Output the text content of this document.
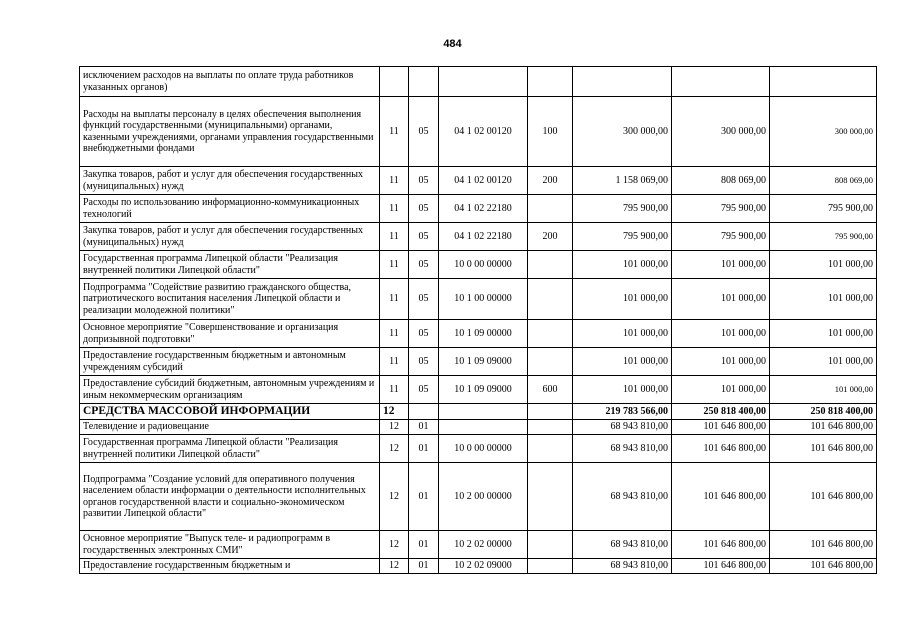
484
исключением расходов на выплаты по оплате труда работников указанных органов)							
Расходы на выплаты персоналу в целях обеспечения выполнения функций государственными (муниципальными) органами, казенными учреждениями, органами управления государственными внебюджетными фондами	11	05	04 1 02 00120	100	300 000,00	300 000,00	300 000,00
Закупка товаров, работ и услуг для обеспечения государственных (муниципальных) нужд	11	05	04 1 02 00120	200	1 158 069,00	808 069,00	808 069,00
Расходы по использованию информационно-коммуникационных технологий	11	05	04 1 02 22180		795 900,00	795 900,00	795 900,00
Закупка товаров, работ и услуг для обеспечения государственных (муниципальных) нужд	11	05	04 1 02 22180	200	795 900,00	795 900,00	795 900,00
Государственная программа Липецкой области "Реализация внутренней политики Липецкой области"	11	05	10 0 00 00000		101 000,00	101 000,00	101 000,00
Подпрограмма "Содействие развитию гражданского общества, патриотического воспитания населения Липецкой области и реализации молодежной политики"	11	05	10 1 00 00000		101 000,00	101 000,00	101 000,00
Основное мероприятие "Совершенствование и организация допризывной подготовки"	11	05	10 1 09 00000		101 000,00	101 000,00	101 000,00
Предоставление государственным бюджетным и автономным учреждениям субсидий	11	05	10 1 09 09000		101 000,00	101 000,00	101 000,00
Предоставление субсидий бюджетным, автономным учреждениям и иным некоммерческим организациям	11	05	10 1 09 09000	600	101 000,00	101 000,00	101 000,00
СРЕДСТВА МАССОВОЙ ИНФОРМАЦИИ	12				219 783 566,00	250 818 400,00	250 818 400,00
Телевидение и радиовещание	12	01			68 943 810,00	101 646 800,00	101 646 800,00
Государственная программа Липецкой области "Реализация внутренней политики Липецкой области"	12	01	10 0 00 00000		68 943 810,00	101 646 800,00	101 646 800,00
Подпрограмма "Создание условий для оперативного получения населением области информации о деятельности исполнительных органов государственной власти и социально-экономическом развитии Липецкой области"	12	01	10 2 00 00000		68 943 810,00	101 646 800,00	101 646 800,00
Основное мероприятие "Выпуск теле- и радиопрограмм в государственных электронных СМИ"	12	01	10 2 02 00000		68 943 810,00	101 646 800,00	101 646 800,00
Предоставление государственным бюджетным и	12	01	10 2 02 09000		68 943 810,00	101 646 800,00	101 646 800,00
